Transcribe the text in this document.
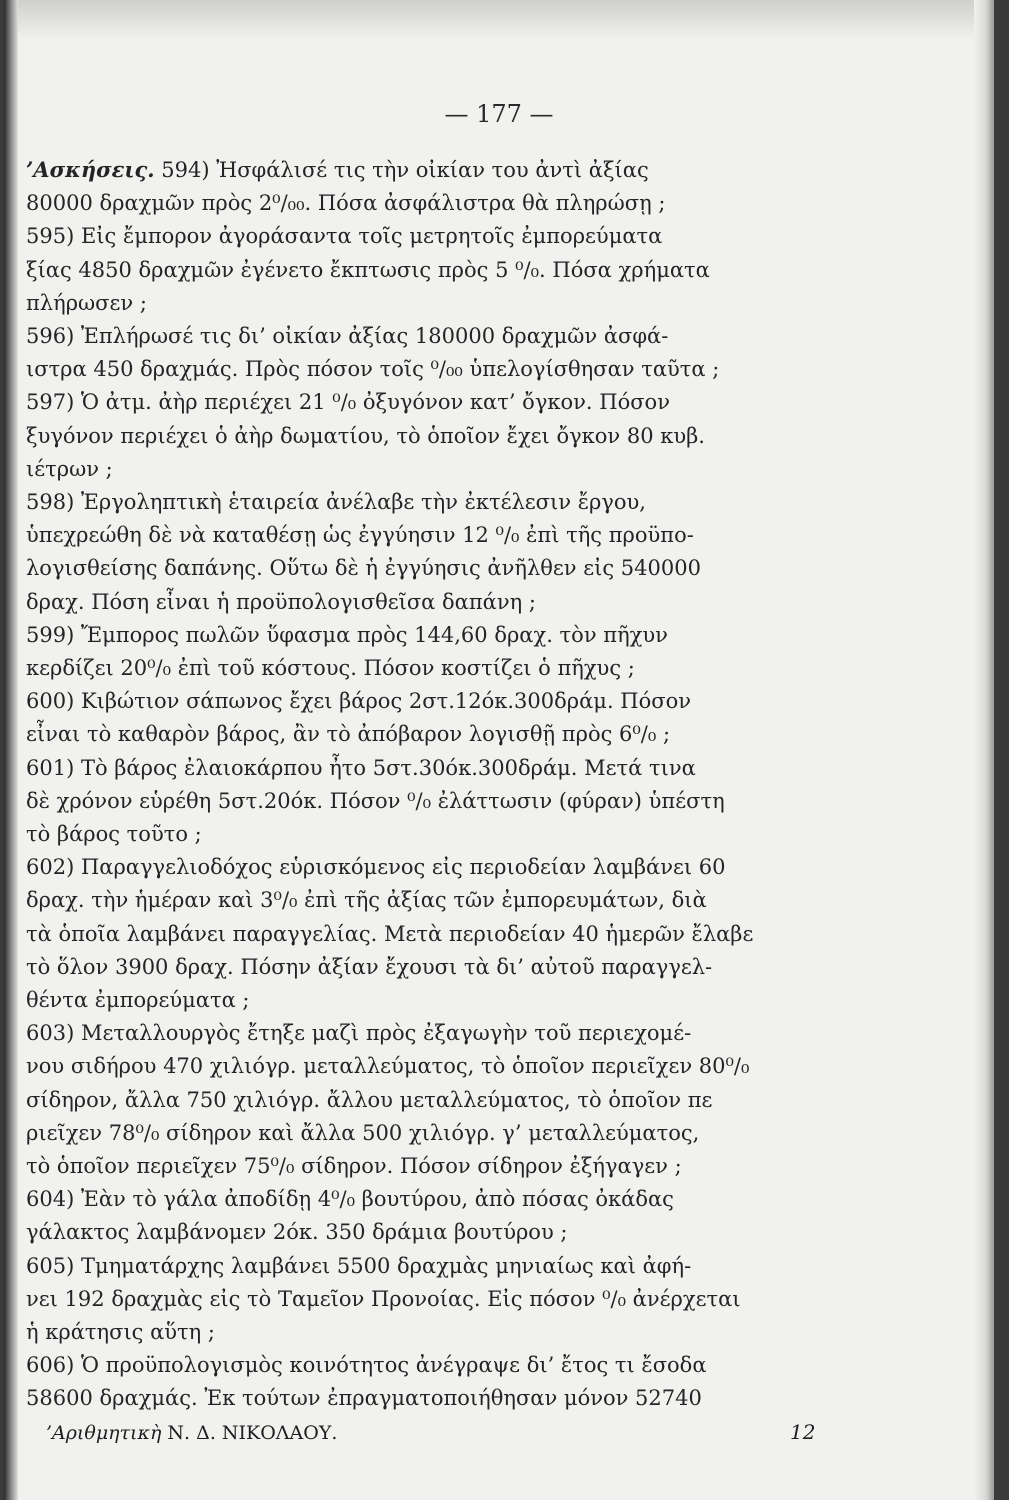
— 177 —
’Ασκήσεις. 594) Ἠσφάλισέ τις τὴν οἰκίαν του ἀντὶ ἀξίας
80000 δραχμῶν πρὸς 2⁰/₀₀. Πόσα ἀσφάλιστρα θὰ πληρώσῃ ;
595) Εἰς ἔμπορον ἀγοράσαντα τοῖς μετρητοῖς ἐμπορεύματα
ξίας 4850 δραχμῶν ἐγένετο ἔκπτωσις πρὸς 5 ⁰/₀. Πόσα χρήματα
πλήρωσεν ;
596) Ἐπλήρωσέ τις δι’ οἰκίαν ἀξίας 180000 δραχμῶν ἀσφά-
ιστρα 450 δραχμάς. Πρὸς πόσον τοῖς ⁰/₀₀ ὑπελογίσθησαν ταῦτα ;
597) Ὁ ἀτμ. ἀὴρ περιέχει 21 ⁰/₀ ὀξυγόνον κατ’ ὄγκον. Πόσον
ξυγόνον περιέχει ὁ ἀὴρ δωματίου, τὸ ὁποῖον ἔχει ὄγκον 80 κυβ.
ιέτρων ;
598) Ἐργοληπτικὴ ἑταιρεία ἀνέλαβε τὴν ἐκτέλεσιν ἔργου,
ὑπεχρεώθη δὲ νὰ καταθέσῃ ὡς ἐγγύησιν 12 ⁰/₀ ἐπὶ τῆς προϋπο-
λογισθείσης δαπάνης. Οὕτω δὲ ἡ ἐγγύησις ἀνῆλθεν εἰς 540000
δραχ. Πόση εἶναι ἡ προϋπολογισθεῖσα δαπάνη ;
599) Ἔμπορος πωλῶν ὕφασμα πρὸς 144,60 δραχ. τὸν πῆχυν
κερδίζει 20⁰/₀ ἐπὶ τοῦ κόστους. Πόσον κοστίζει ὁ πῆχυς ;
600) Κιβώτιον σάπωνος ἔχει βάρος 2στ.12όκ.300δράμ. Πόσον
εἶναι τὸ καθαρὸν βάρος, ἂν τὸ ἀπόβαρον λογισθῇ πρὸς 6⁰/₀ ;
601) Τὸ βάρος ἐλαιοκάρπου ἦτο 5στ.30όκ.300δράμ. Μετά τινα
δὲ χρόνον εὑρέθη 5στ.20όκ. Πόσον ⁰/₀ ἐλάττωσιν (φύραν) ὑπέστη
τὸ βάρος τοῦτο ;
602) Παραγγελιοδόχος εὑρισκόμενος εἰς περιοδείαν λαμβάνει 60
δραχ. τὴν ἡμέραν καὶ 3⁰/₀ ἐπὶ τῆς ἀξίας τῶν ἐμπορευμάτων, διὰ
τὰ ὁποῖα λαμβάνει παραγγελίας. Μετὰ περιοδείαν 40 ἡμερῶν ἔλαβε
τὸ ὅλον 3900 δραχ. Πόσην ἀξίαν ἔχουσι τὰ δι’ αὐτοῦ παραγγελ-
θέντα ἐμπορεύματα ;
603) Μεταλλουργὸς ἔτηξε μαζὶ πρὸς ἐξαγωγὴν τοῦ περιεχομέ-
νου σιδήρου 470 χιλιόγρ. μεταλλεύματος, τὸ ὁποῖον περιεῖχεν 80⁰/₀
σίδηρον, ἄλλα 750 χιλιόγρ. ἄλλου μεταλλεύματος, τὸ ὁποῖον πε
ριεῖχεν 78⁰/₀ σίδηρον καὶ ἄλλα 500 χιλιόγρ. γ’ μεταλλεύματος,
τὸ ὁποῖον περιεῖχεν 75⁰/₀ σίδηρον. Πόσον σίδηρον ἐξήγαγεν ;
604) Ἐὰν τὸ γάλα ἀποδίδῃ 4⁰/₀ βουτύρου, ἀπὸ πόσας ὀκάδας
γάλακτος λαμβάνομεν 2όκ. 350 δράμια βουτύρου ;
605) Τμηματάρχης λαμβάνει 5500 δραχμὰς μηνιαίως καὶ ἀφή-
νει 192 δραχμὰς εἰς τὸ Ταμεῖον Προνοίας. Εἰς πόσον ⁰/₀ ἀνέρχεται
ἡ κράτησις αὕτη ;
606) Ὁ προϋπολογισμὸς κοινότητος ἀνέγραψε δι’ ἔτος τι ἔσοδα
58600 δραχμάς. Ἐκ τούτων ἐπραγματοποιήθησαν μόνον 52740
’Αριθμητικὴ Ν. Δ. ΝΙΚΟΛΑΟΥ.	12
